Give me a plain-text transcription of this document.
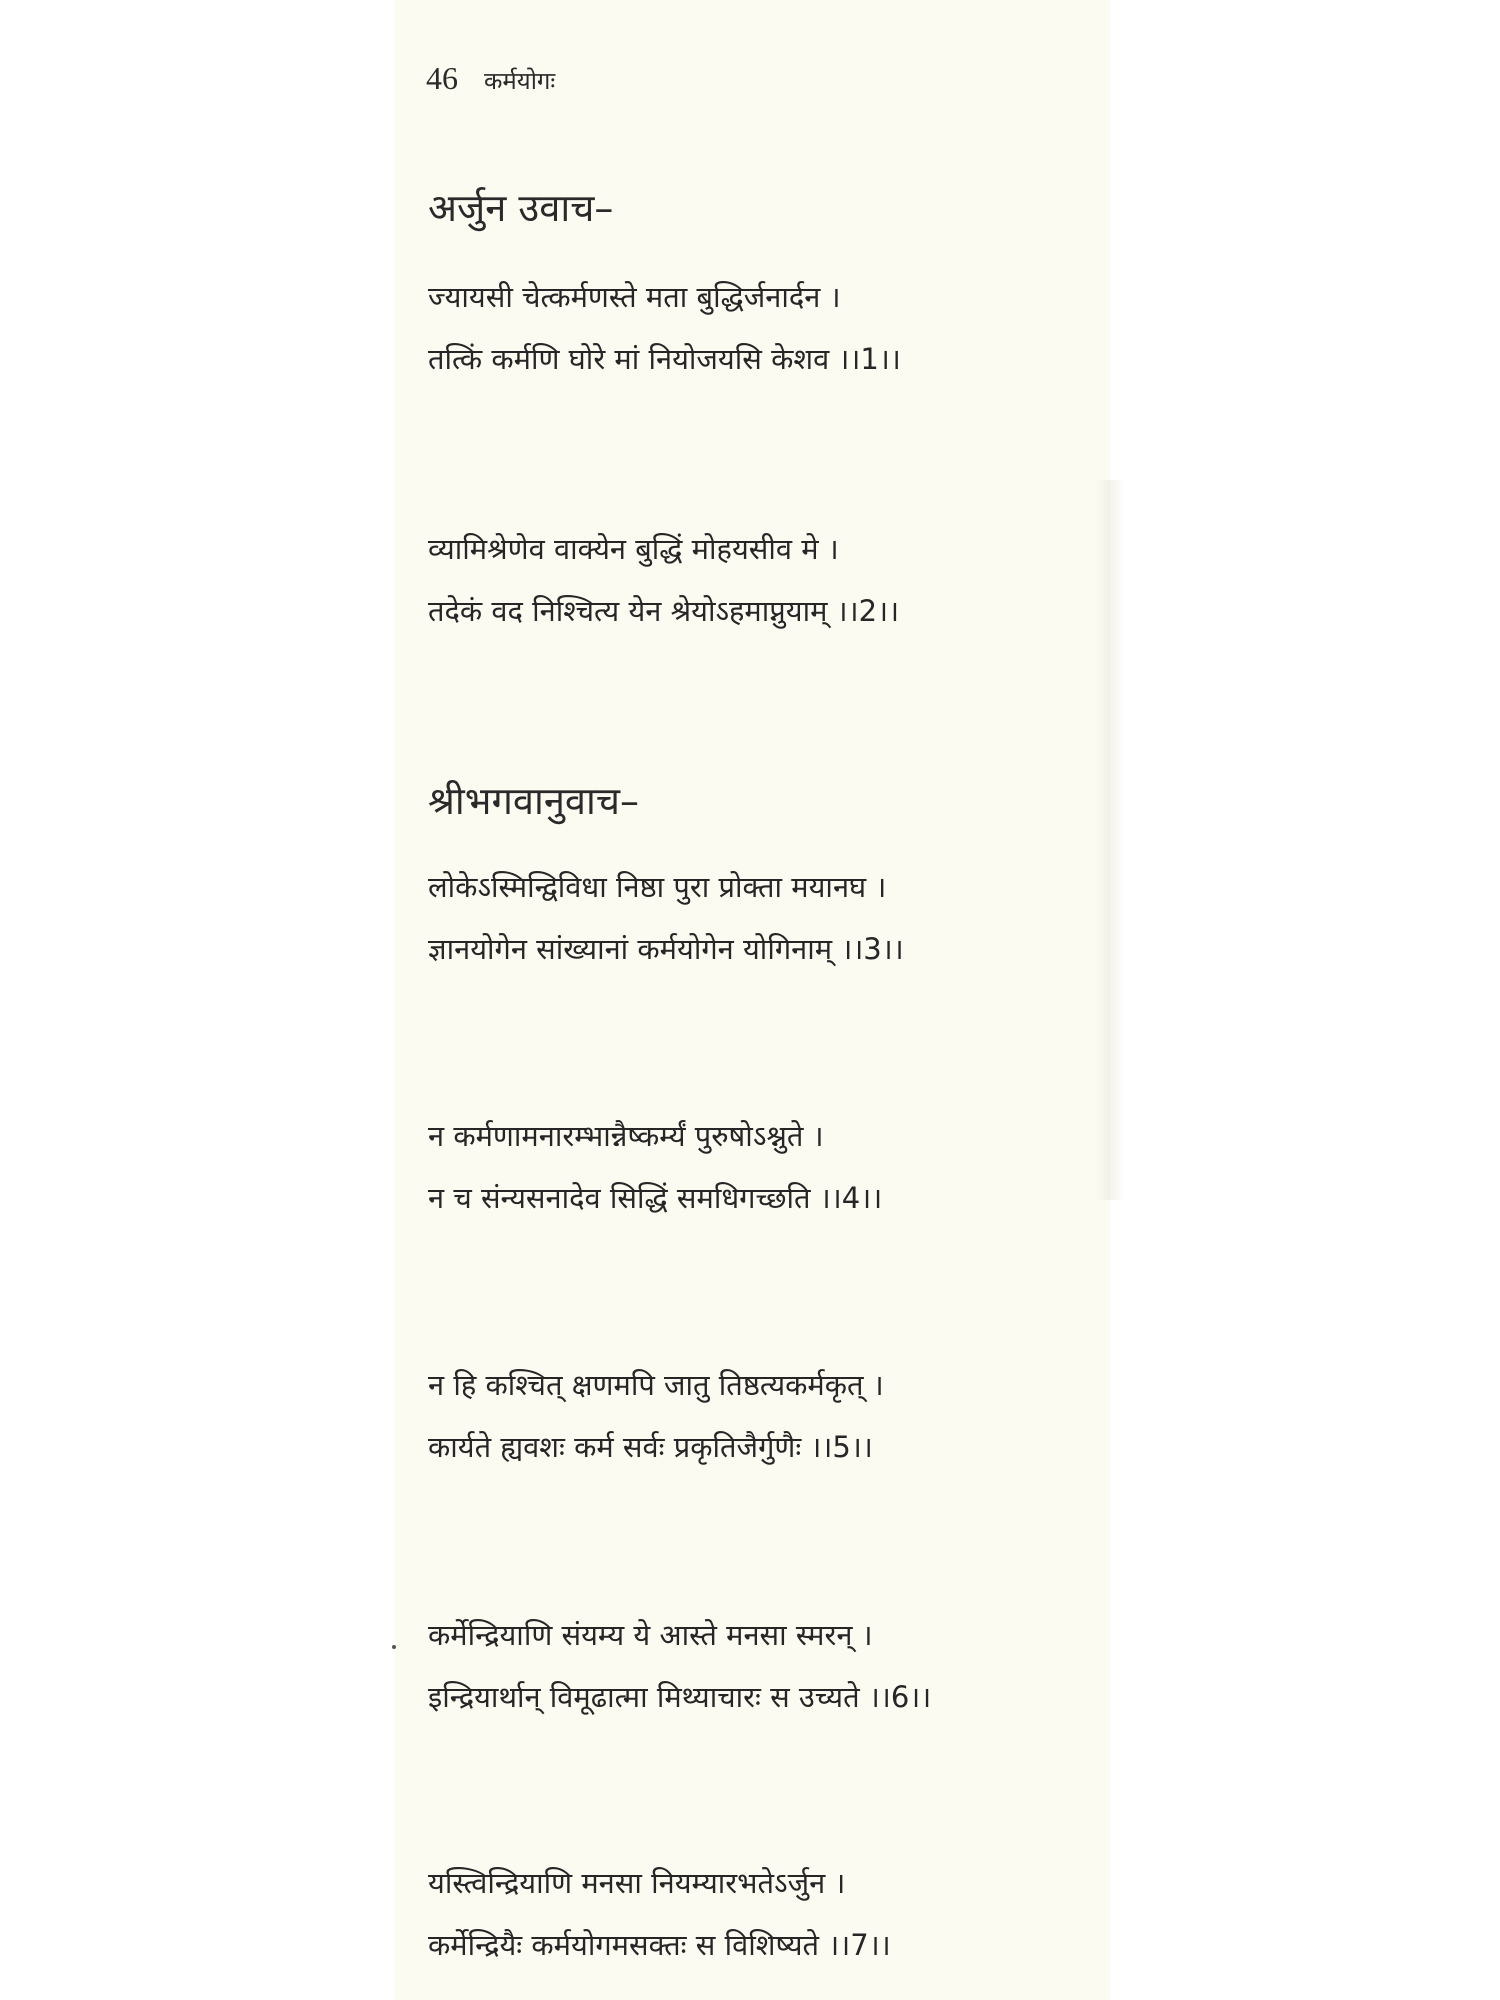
46 कर्मयोगः
अर्जुन उवाच–
ज्यायसी चेत्कर्मणस्ते मता बुद्धिर्जनार्दन ।
तत्किं कर्मणि घोरे मां नियोजयसि केशव ।।1।।
व्यामिश्रेणेव वाक्येन बुद्धिं मोहयसीव मे ।
तदेकं वद निश्चित्य येन श्रेयोऽहमाप्नुयाम् ।।2।।
श्रीभगवानुवाच–
लोकेऽस्मिन्द्विविधा निष्ठा पुरा प्रोक्ता मयानघ ।
ज्ञानयोगेन सांख्यानां कर्मयोगेन योगिनाम् ।।3।।
न कर्मणामनारम्भान्नैष्कर्म्यं पुरुषोऽश्नुते ।
न च संन्यसनादेव सिद्धिं समधिगच्छति ।।4।।
न हि कश्चित् क्षणमपि जातु तिष्ठत्यकर्मकृत् ।
कार्यते ह्यवशः कर्म सर्वः प्रकृतिजैर्गुणैः ।।5।।
कर्मेन्द्रियाणि संयम्य ये आस्ते मनसा स्मरन् ।
इन्द्रियार्थान् विमूढात्मा मिथ्याचारः स उच्यते ।।6।।
यस्त्विन्द्रियाणि मनसा नियम्यारभतेऽर्जुन ।
कर्मेन्द्रियैः कर्मयोगमसक्तः स विशिष्यते ।।7।।
